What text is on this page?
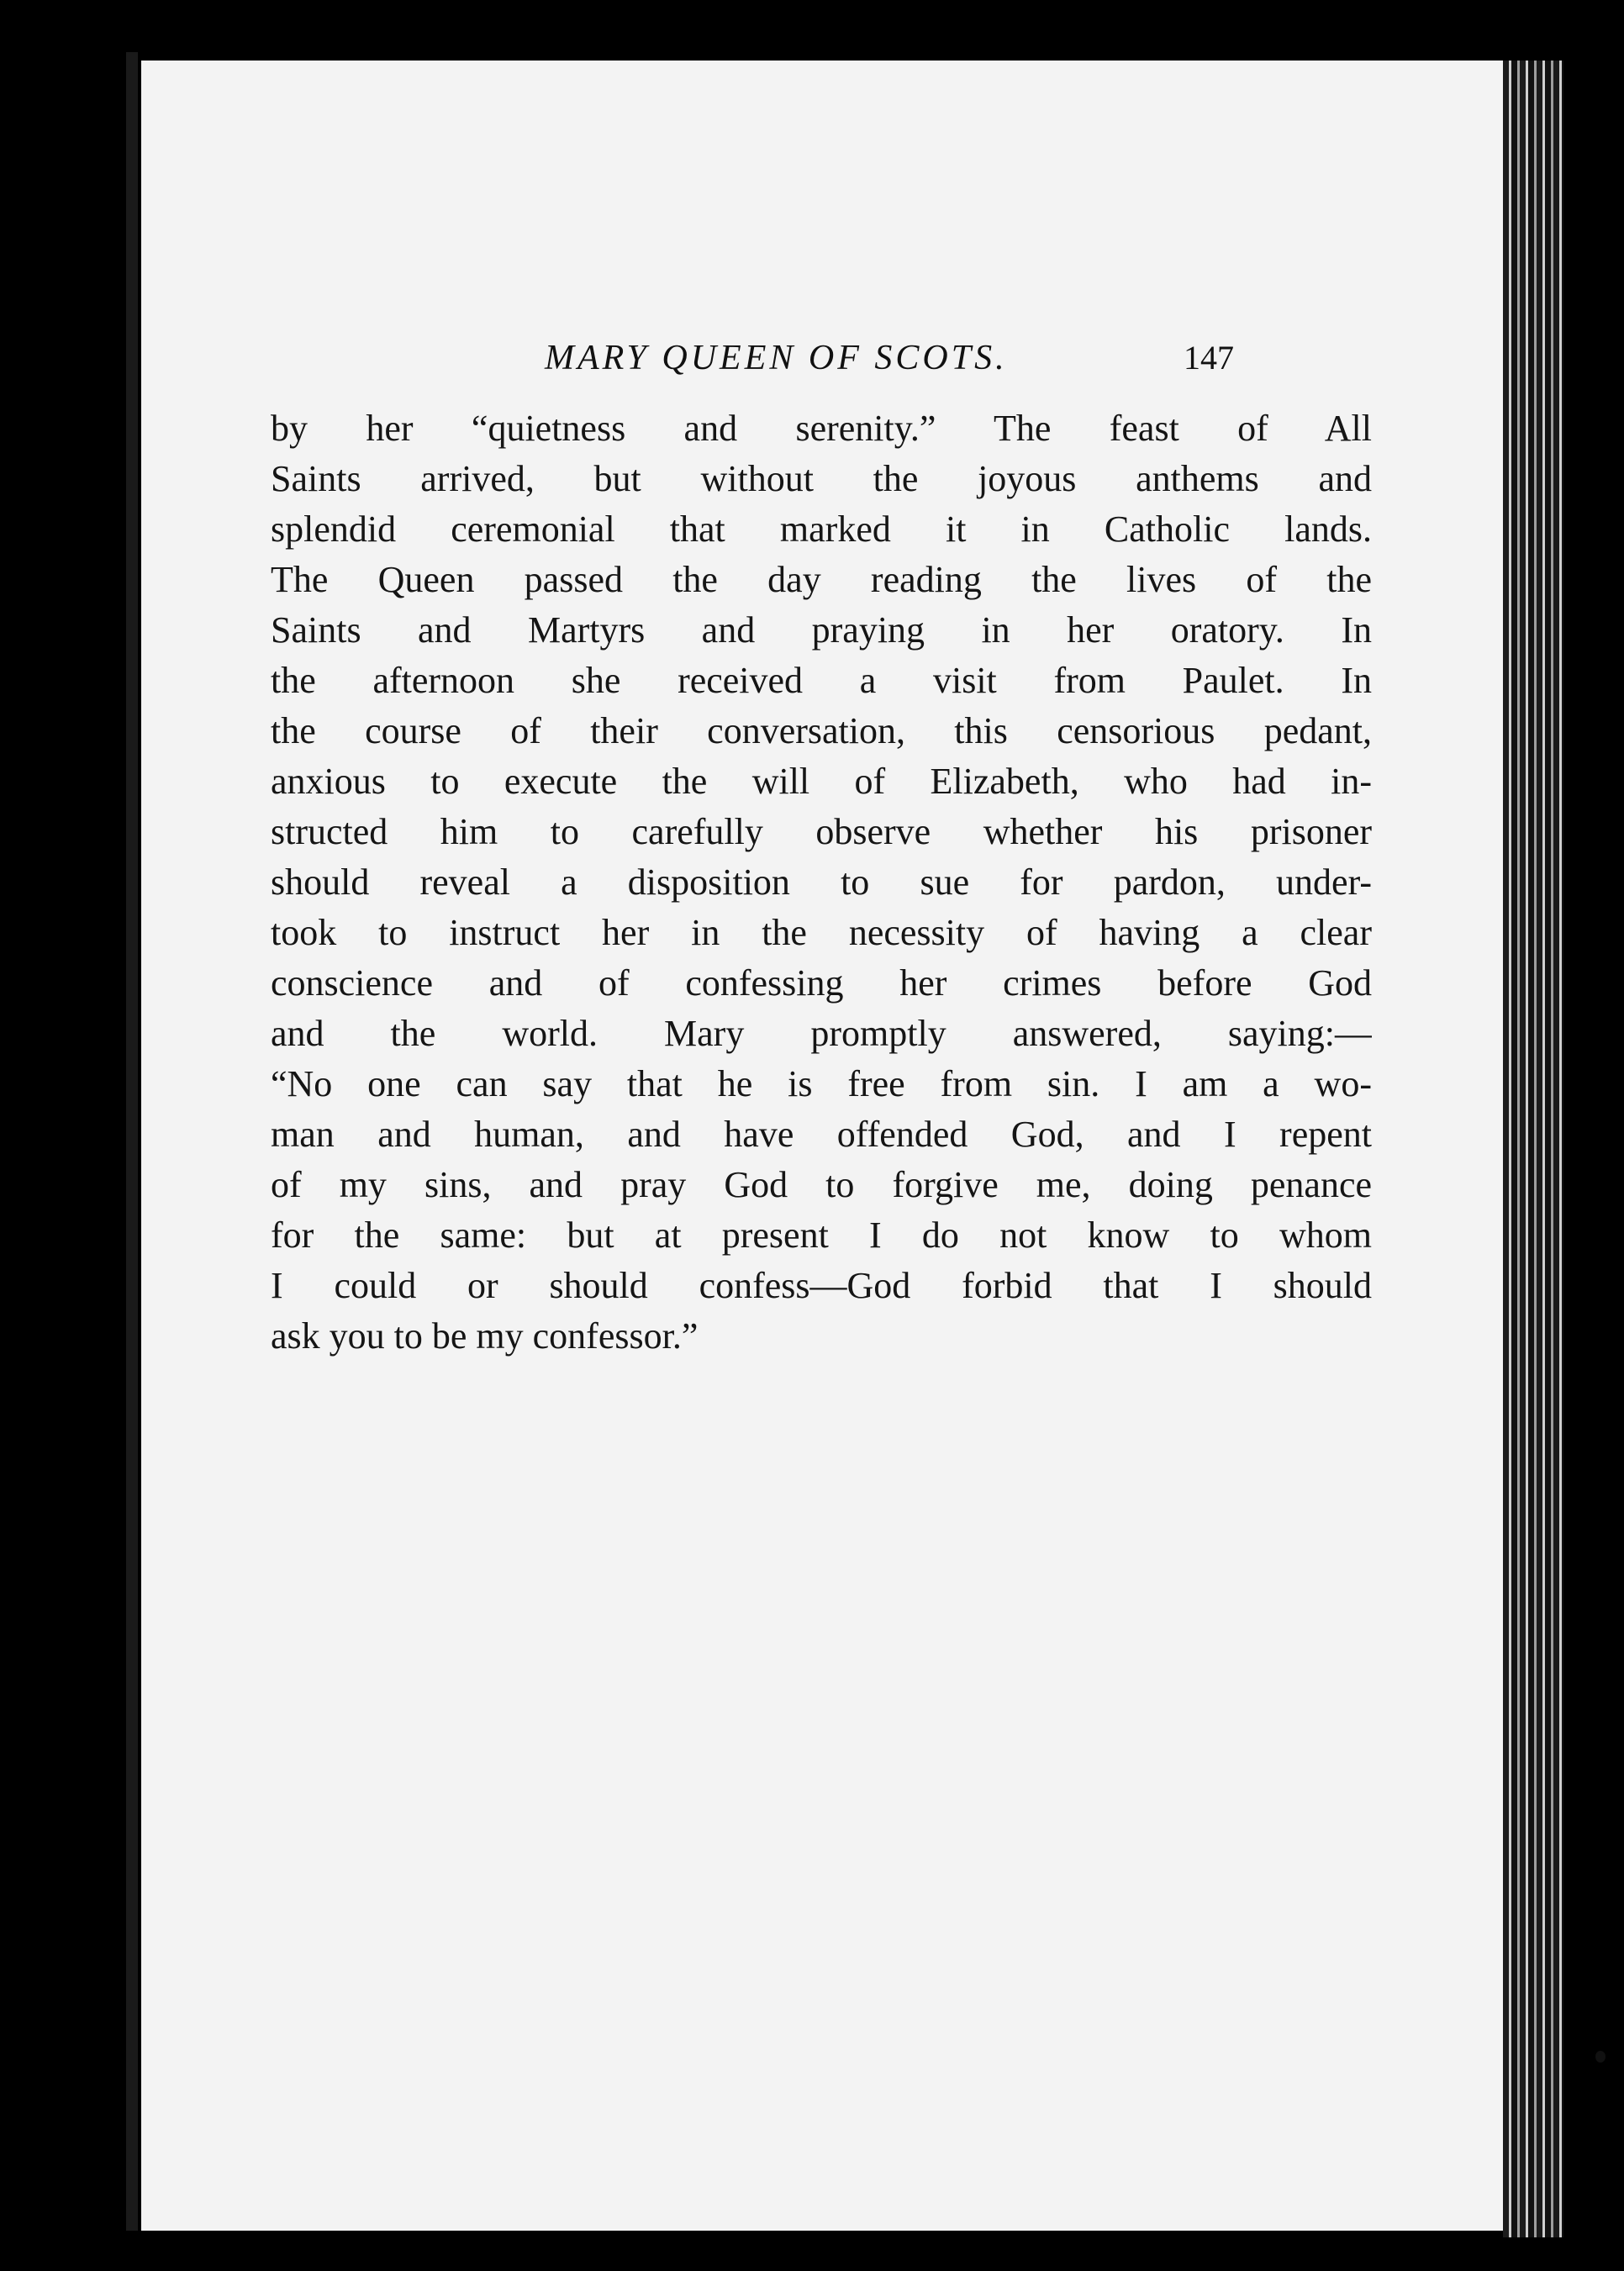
MARY QUEEN OF SCOTS.	147
by her “quietness and serenity.” The feast of All
Saints arrived, but without the joyous anthems and
splendid ceremonial that marked it in Catholic lands.
The Queen passed the day reading the lives of the
Saints and Martyrs and praying in her oratory. In
the afternoon she received a visit from Paulet. In
the course of their conversation, this censorious pedant,
anxious to execute the will of Elizabeth, who had in-
structed him to carefully observe whether his prisoner
should reveal a disposition to sue for pardon, under-
took to instruct her in the necessity of having a clear
conscience and of confessing her crimes before God
and the world. Mary promptly answered, saying:—
“No one can say that he is free from sin. I am a wo-
man and human, and have offended God, and I repent
of my sins, and pray God to forgive me, doing penance
for the same: but at present I do not know to whom
I could or should confess—God forbid that I should
ask you to be my confessor.”
